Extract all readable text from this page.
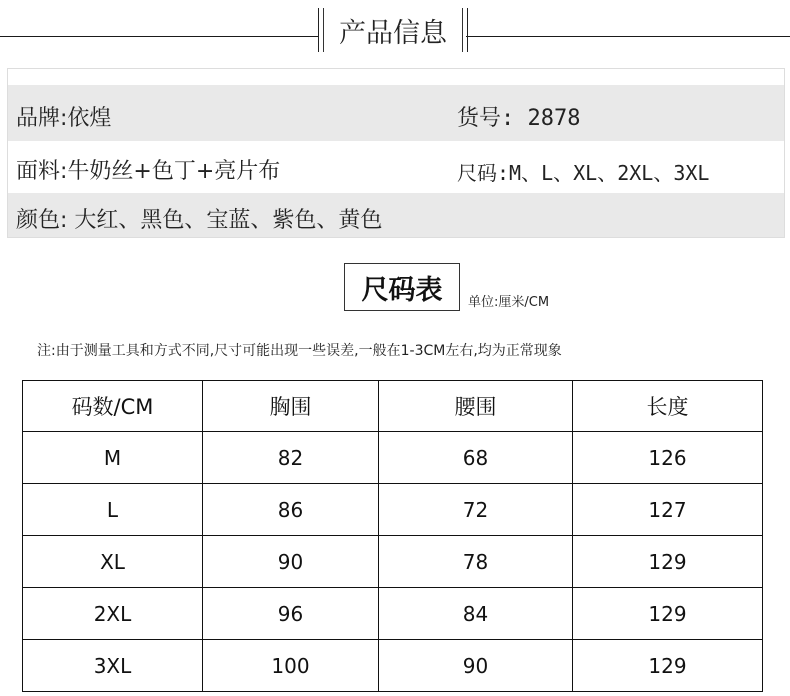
产品信息
品牌:依煌	货号: 2878
面料:牛奶丝+色丁+亮片布	尺码:M、L、XL、2XL、3XL
颜色: 大红、黑色、宝蓝、紫色、黄色
尺码表	单位:厘米/CM
注:由于测量工具和方式不同,尺寸可能出现一些误差,一般在1-3CM左右,均为正常现象
码数/CM	胸围	腰围	长度
M	82	68	126
L	86	72	127
XL	90	78	129
2XL	96	84	129
3XL	100	90	129
